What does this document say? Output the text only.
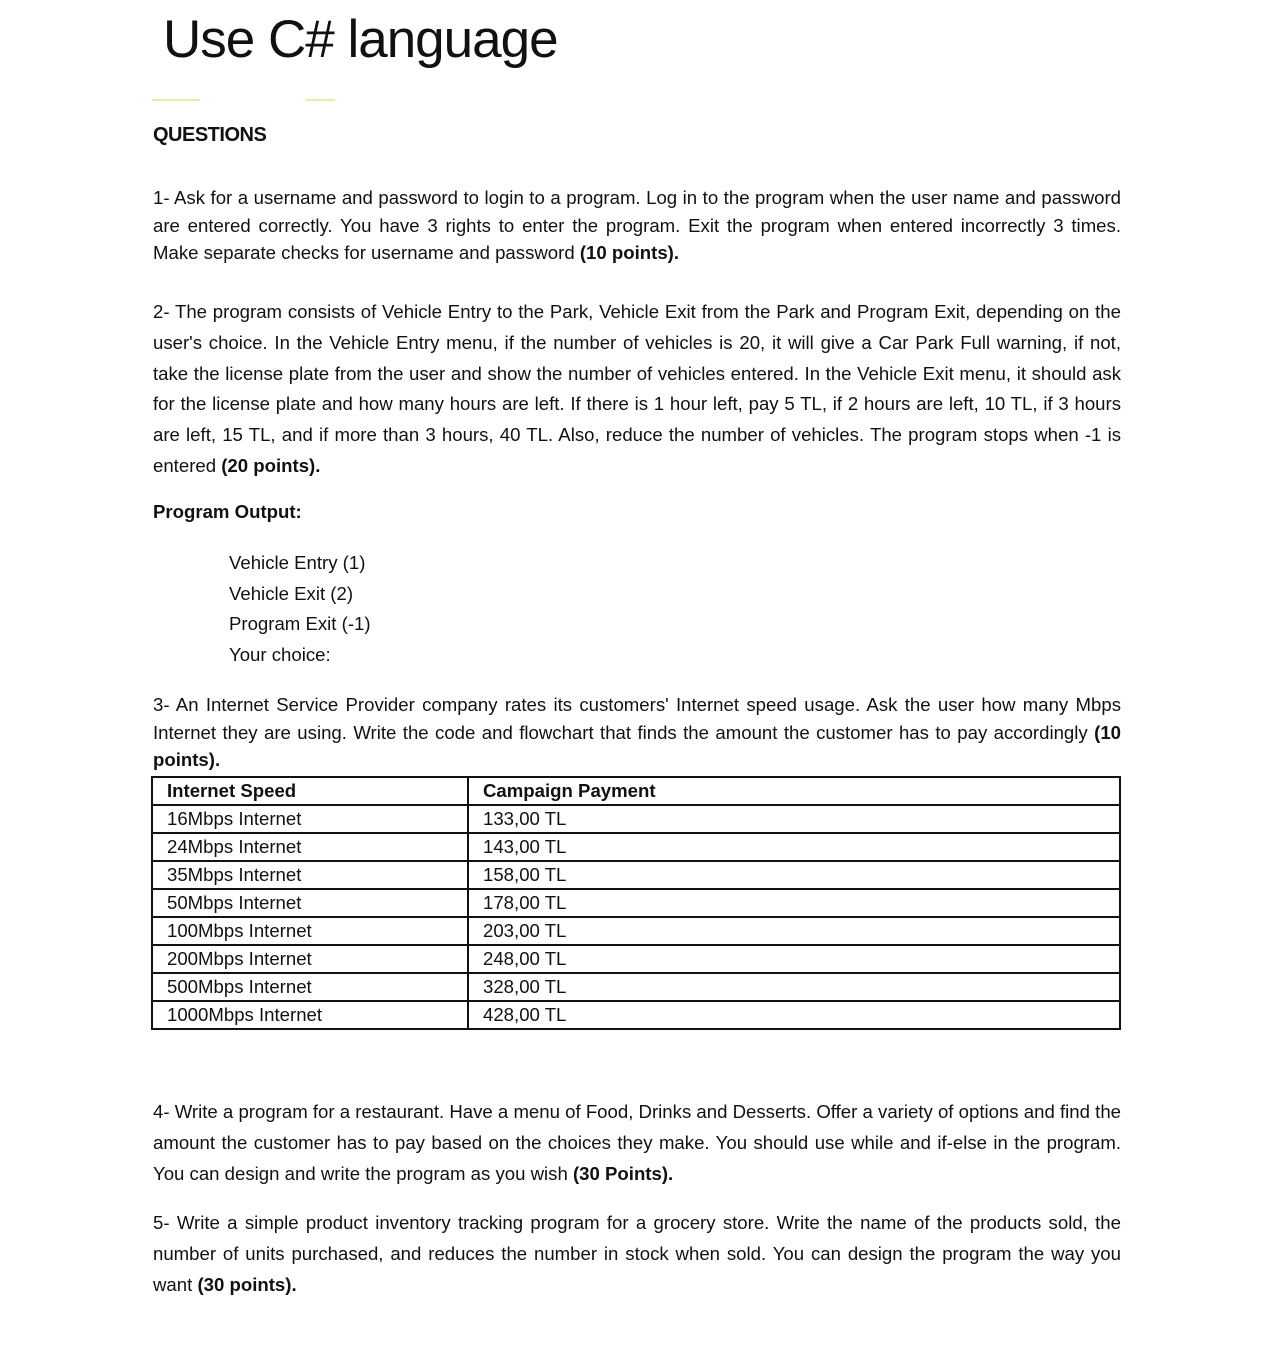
Use C# language
QUESTIONS
1- Ask for a username and password to login to a program. Log in to the program when the user name and password are entered correctly. You have 3 rights to enter the program. Exit the program when entered incorrectly 3 times. Make separate checks for username and password (10 points).
2- The program consists of Vehicle Entry to the Park, Vehicle Exit from the Park and Program Exit, depending on the user's choice. In the Vehicle Entry menu, if the number of vehicles is 20, it will give a Car Park Full warning, if not, take the license plate from the user and show the number of vehicles entered. In the Vehicle Exit menu, it should ask for the license plate and how many hours are left. If there is 1 hour left, pay 5 TL, if 2 hours are left, 10 TL, if 3 hours are left, 15 TL, and if more than 3 hours, 40 TL. Also, reduce the number of vehicles. The program stops when -1 is entered (20 points).
Program Output:
Vehicle Entry (1)
Vehicle Exit (2)
Program Exit (-1)
Your choice:
3- An Internet Service Provider company rates its customers' Internet speed usage. Ask the user how many Mbps Internet they are using. Write the code and flowchart that finds the amount the customer has to pay accordingly (10 points).
Internet Speed	Campaign Payment
16Mbps Internet	133,00 TL
24Mbps Internet	143,00 TL
35Mbps Internet	158,00 TL
50Mbps Internet	178,00 TL
100Mbps Internet	203,00 TL
200Mbps Internet	248,00 TL
500Mbps Internet	328,00 TL
1000Mbps Internet	428,00 TL
4- Write a program for a restaurant. Have a menu of Food, Drinks and Desserts. Offer a variety of options and find the amount the customer has to pay based on the choices they make. You should use while and if-else in the program. You can design and write the program as you wish (30 Points).
5- Write a simple product inventory tracking program for a grocery store. Write the name of the products sold, the number of units purchased, and reduces the number in stock when sold. You can design the program the way you want (30 points).
